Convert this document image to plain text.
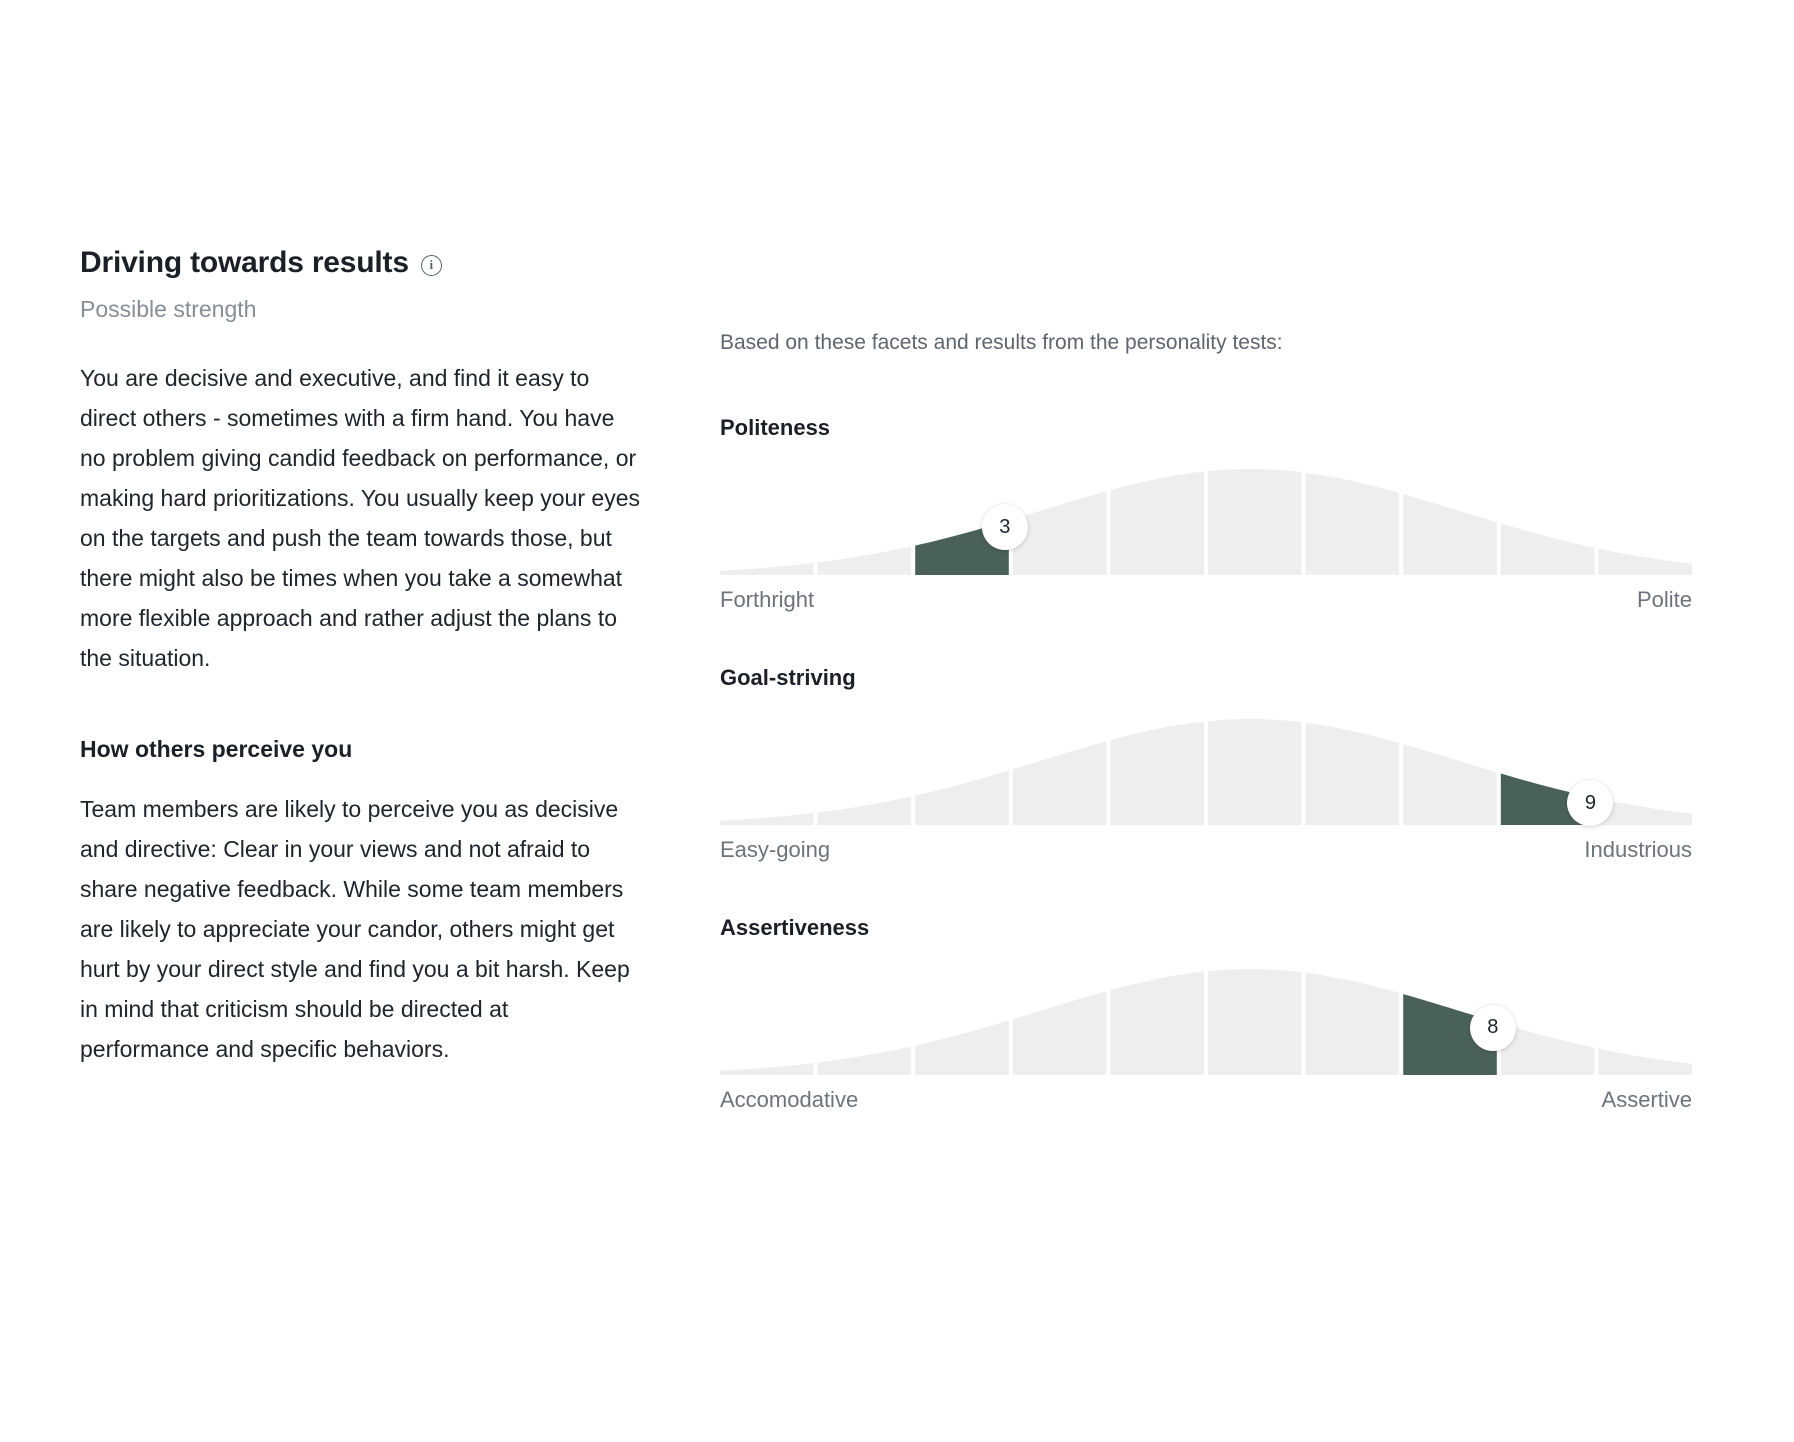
Driving towards results i
Possible strength

You are decisive and executive, and find it easy to direct others - sometimes with a firm hand. You have no problem giving candid feedback on performance, or making hard prioritizations. You usually keep your eyes on the targets and push the team towards those, but there might also be times when you take a somewhat more flexible approach and rather adjust the plans to the situation.

How others perceive you

Team members are likely to perceive you as decisive and directive: Clear in your views and not afraid to share negative feedback. While some team members are likely to appreciate your candor, others might get hurt by your direct style and find you a bit harsh. Keep in mind that criticism should be directed at performance and specific behaviors.

Based on these facets and results from the personality tests:
Politeness
3
Forthright	Polite
Goal-striving
9
Easy-going	Industrious
Assertiveness
8
Accomodative	Assertive
